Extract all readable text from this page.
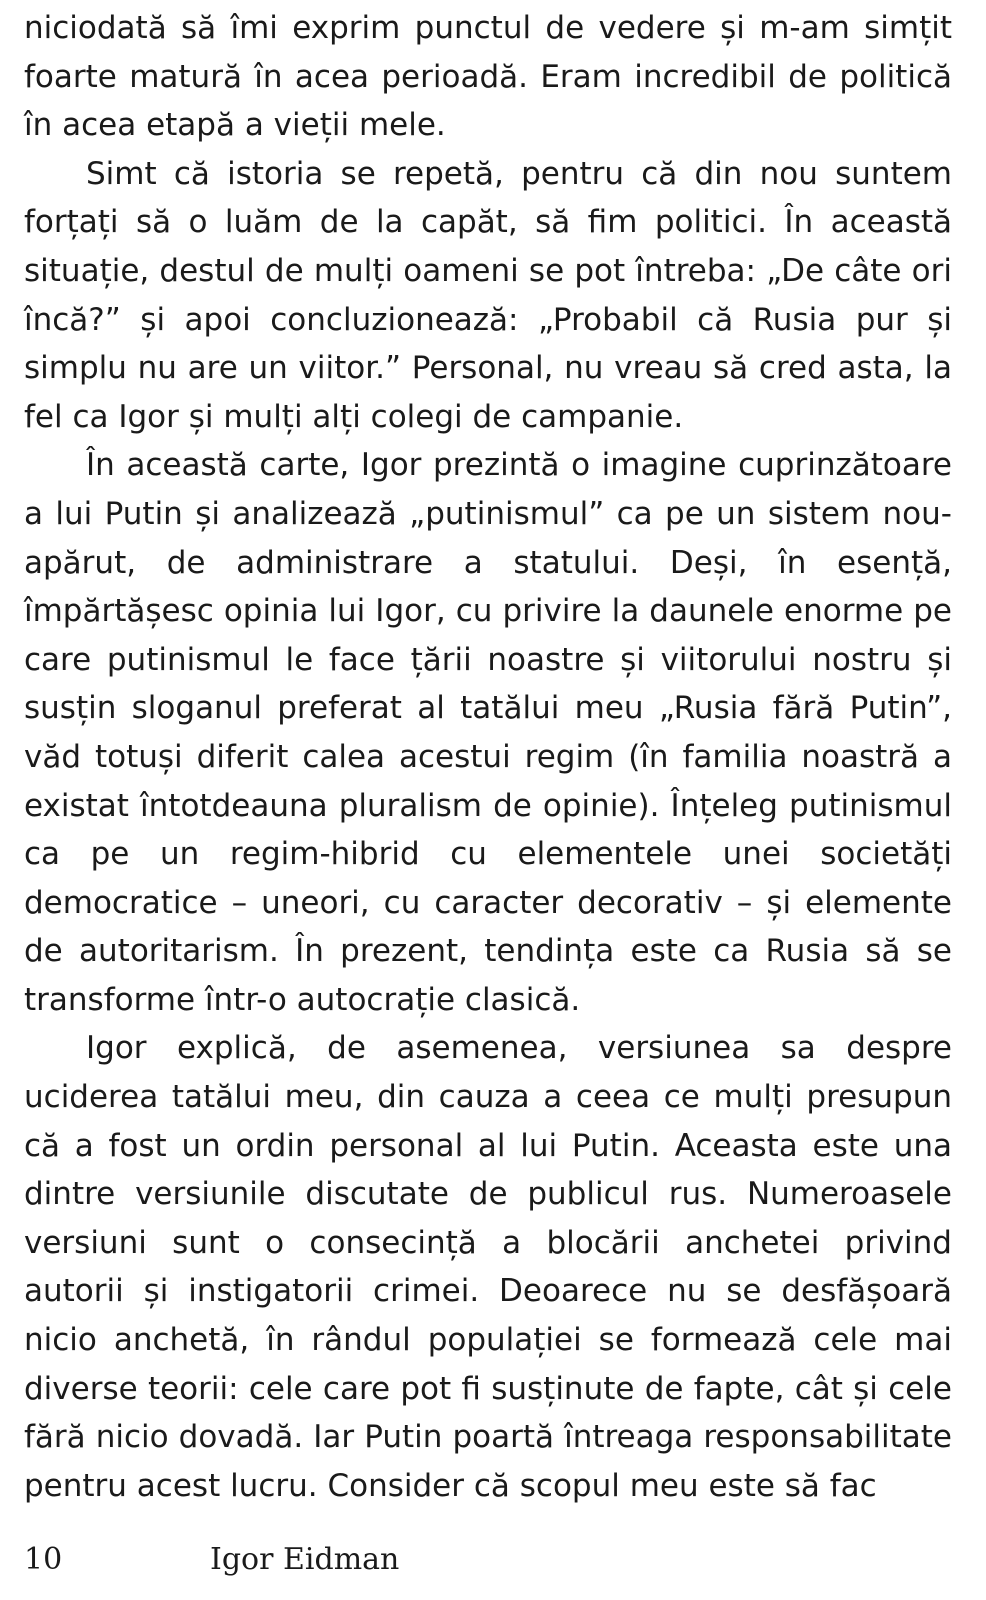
niciodată să îmi exprim punctul de vedere și m-am simțit foarte matură în acea perioadă. Eram incredibil de politică în acea etapă a vieții mele.

Simt că istoria se repetă, pentru că din nou suntem forțați să o luăm de la capăt, să fim politici. În această situație, destul de mulți oameni se pot întreba: „De câte ori încă?” și apoi concluzionează: „Probabil că Rusia pur și simplu nu are un viitor.” Personal, nu vreau să cred asta, la fel ca Igor și mulți alți colegi de campanie.

În această carte, Igor prezintă o imagine cuprinzătoare a lui Putin și analizează „putinismul” ca pe un sistem nou-apărut, de administrare a statului. Deși, în esență, împărtășesc opinia lui Igor, cu privire la daunele enorme pe care putinismul le face țării noastre și viitorului nostru și susțin sloganul preferat al tatălui meu „Rusia fără Putin”, văd totuși diferit calea acestui regim (în familia noastră a existat întotdeauna pluralism de opinie). Înțeleg putinismul ca pe un regim-hibrid cu elementele unei societăți democratice – uneori, cu caracter decorativ – și elemente de autoritarism. În prezent, tendința este ca Rusia să se transforme într-o autocrație clasică.

Igor explică, de asemenea, versiunea sa despre uciderea tatălui meu, din cauza a ceea ce mulți presupun că a fost un ordin personal al lui Putin. Aceasta este una dintre versiunile discutate de publicul rus. Numeroasele versiuni sunt o consecință a blocării anchetei privind autorii și instigatorii crimei. Deoarece nu se desfășoară nicio anchetă, în rândul populației se formează cele mai diverse teorii: cele care pot fi susținute de fapte, cât și cele fără nicio dovadă. Iar Putin poartă întreaga responsabilitate pentru acest lucru. Consider că scopul meu este să fac

10	Igor Eidman
